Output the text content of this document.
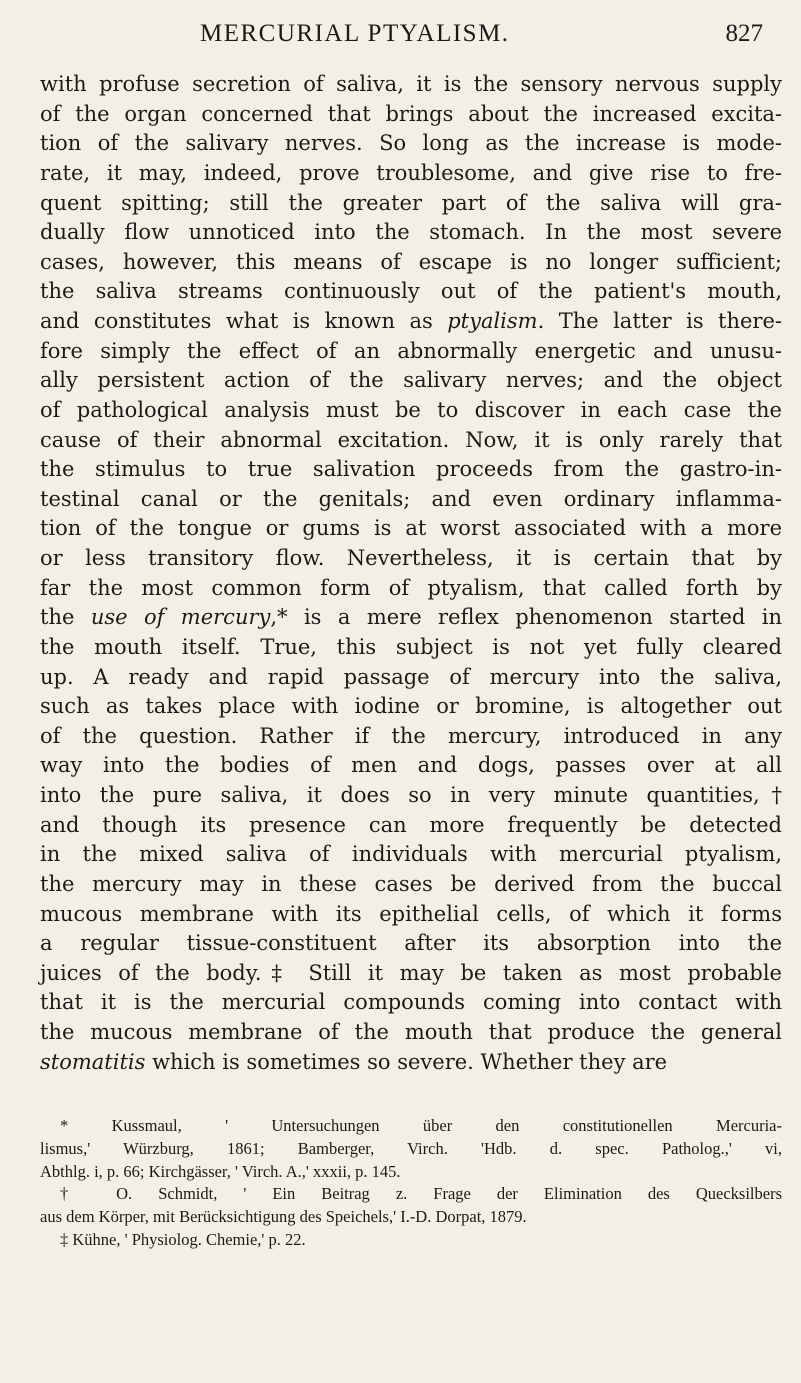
MERCURIAL PTYALISM.	827
with profuse secretion of saliva, it is the sensory nervous supply
of the organ concerned that brings about the increased excita-
tion of the salivary nerves. So long as the increase is mode-
rate, it may, indeed, prove troublesome, and give rise to fre-
quent spitting; still the greater part of the saliva will gra-
dually flow unnoticed into the stomach. In the most severe
cases, however, this means of escape is no longer sufficient;
the saliva streams continuously out of the patient's mouth,
and constitutes what is known as ptyalism. The latter is there-
fore simply the effect of an abnormally energetic and unusu-
ally persistent action of the salivary nerves; and the object
of pathological analysis must be to discover in each case the
cause of their abnormal excitation. Now, it is only rarely that
the stimulus to true salivation proceeds from the gastro-in-
testinal canal or the genitals; and even ordinary inflamma-
tion of the tongue or gums is at worst associated with a more
or less transitory flow. Nevertheless, it is certain that by
far the most common form of ptyalism, that called forth by
the use of mercury,* is a mere reflex phenomenon started in
the mouth itself. True, this subject is not yet fully cleared
up. A ready and rapid passage of mercury into the saliva,
such as takes place with iodine or bromine, is altogether out
of the question. Rather if the mercury, introduced in any
way into the bodies of men and dogs, passes over at all
into the pure saliva, it does so in very minute quantities,†
and though its presence can more frequently be detected
in the mixed saliva of individuals with mercurial ptyalism,
the mercury may in these cases be derived from the buccal
mucous membrane with its epithelial cells, of which it forms
a regular tissue-constituent after its absorption into the
juices of the body.‡ Still it may be taken as most probable
that it is the mercurial compounds coming into contact with
the mucous membrane of the mouth that produce the general
stomatitis which is sometimes so severe. Whether they are
* Kussmaul, ' Untersuchungen über den constitutionellen Mercuria-
lismus,' Würzburg, 1861; Bamberger, Virch. 'Hdb. d. spec. Patholog.,' vi,
Abthlg. i, p. 66; Kirchgässer, ' Virch. A.,' xxxii, p. 145.
† O. Schmidt, ' Ein Beitrag z. Frage der Elimination des Quecksilbers
aus dem Körper, mit Berücksichtigung des Speichels,' I.-D. Dorpat, 1879.
‡ Kühne, ' Physiolog. Chemie,' p. 22.
